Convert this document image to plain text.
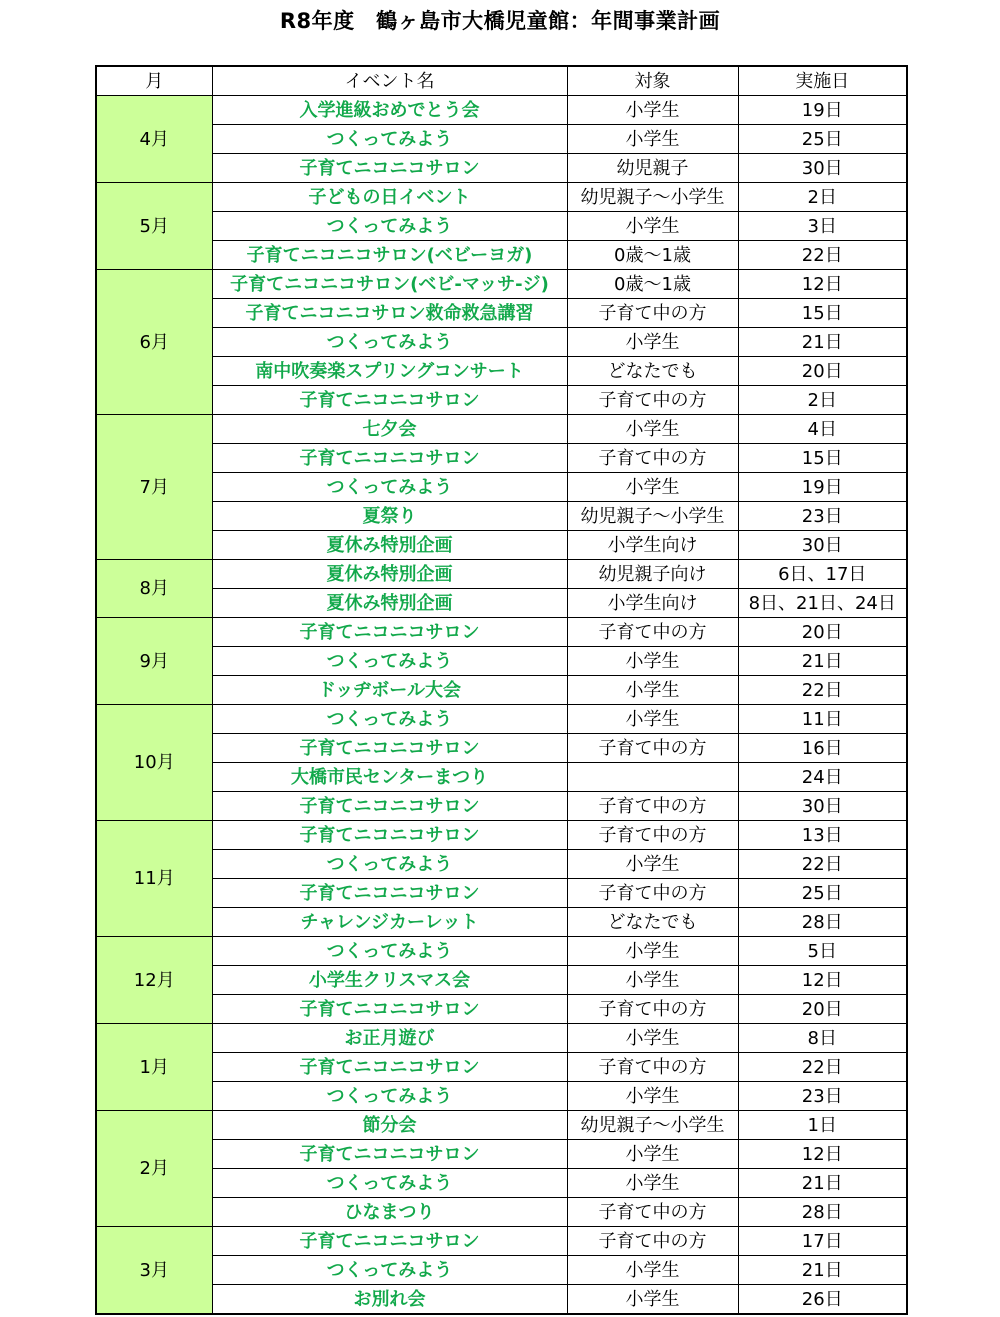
R8年度　鶴ヶ島市大橋児童館：年間事業計画
月	イベント名	対象	実施日
4月	入学進級おめでとう会	小学生	19日
	つくってみよう	小学生	25日
	子育てニコニコサロン	幼児親子	30日
5月	子どもの日イベント	幼児親子～小学生	2日
	つくってみよう	小学生	3日
	子育てニコニコサロン(ベビーヨガ)	0歳～1歳	22日
6月	子育てニコニコサロン(ベビ-マッサ-ジ)	0歳～1歳	12日
	子育てニコニコサロン救命救急講習	子育て中の方	15日
	つくってみよう	小学生	21日
	南中吹奏楽スプリングコンサート	どなたでも	20日
	子育てニコニコサロン	子育て中の方	2日
7月	七夕会	小学生	4日
	子育てニコニコサロン	子育て中の方	15日
	つくってみよう	小学生	19日
	夏祭り	幼児親子～小学生	23日
	夏休み特別企画	小学生向け	30日
8月	夏休み特別企画	幼児親子向け	6日、17日
	夏休み特別企画	小学生向け	8日、21日、24日
9月	子育てニコニコサロン	子育て中の方	20日
	つくってみよう	小学生	21日
	ドッヂボール大会	小学生	22日
10月	つくってみよう	小学生	11日
	子育てニコニコサロン	子育て中の方	16日
	大橋市民センターまつり		24日
	子育てニコニコサロン	子育て中の方	30日
11月	子育てニコニコサロン	子育て中の方	13日
	つくってみよう	小学生	22日
	子育てニコニコサロン	子育て中の方	25日
	チャレンジカーレット	どなたでも	28日
12月	つくってみよう	小学生	5日
	小学生クリスマス会	小学生	12日
	子育てニコニコサロン	子育て中の方	20日
1月	お正月遊び	小学生	8日
	子育てニコニコサロン	子育て中の方	22日
	つくってみよう	小学生	23日
2月	節分会	幼児親子～小学生	1日
	子育てニコニコサロン	小学生	12日
	つくってみよう	小学生	21日
	ひなまつり	子育て中の方	28日
3月	子育てニコニコサロン	子育て中の方	17日
	つくってみよう	小学生	21日
	お別れ会	小学生	26日
